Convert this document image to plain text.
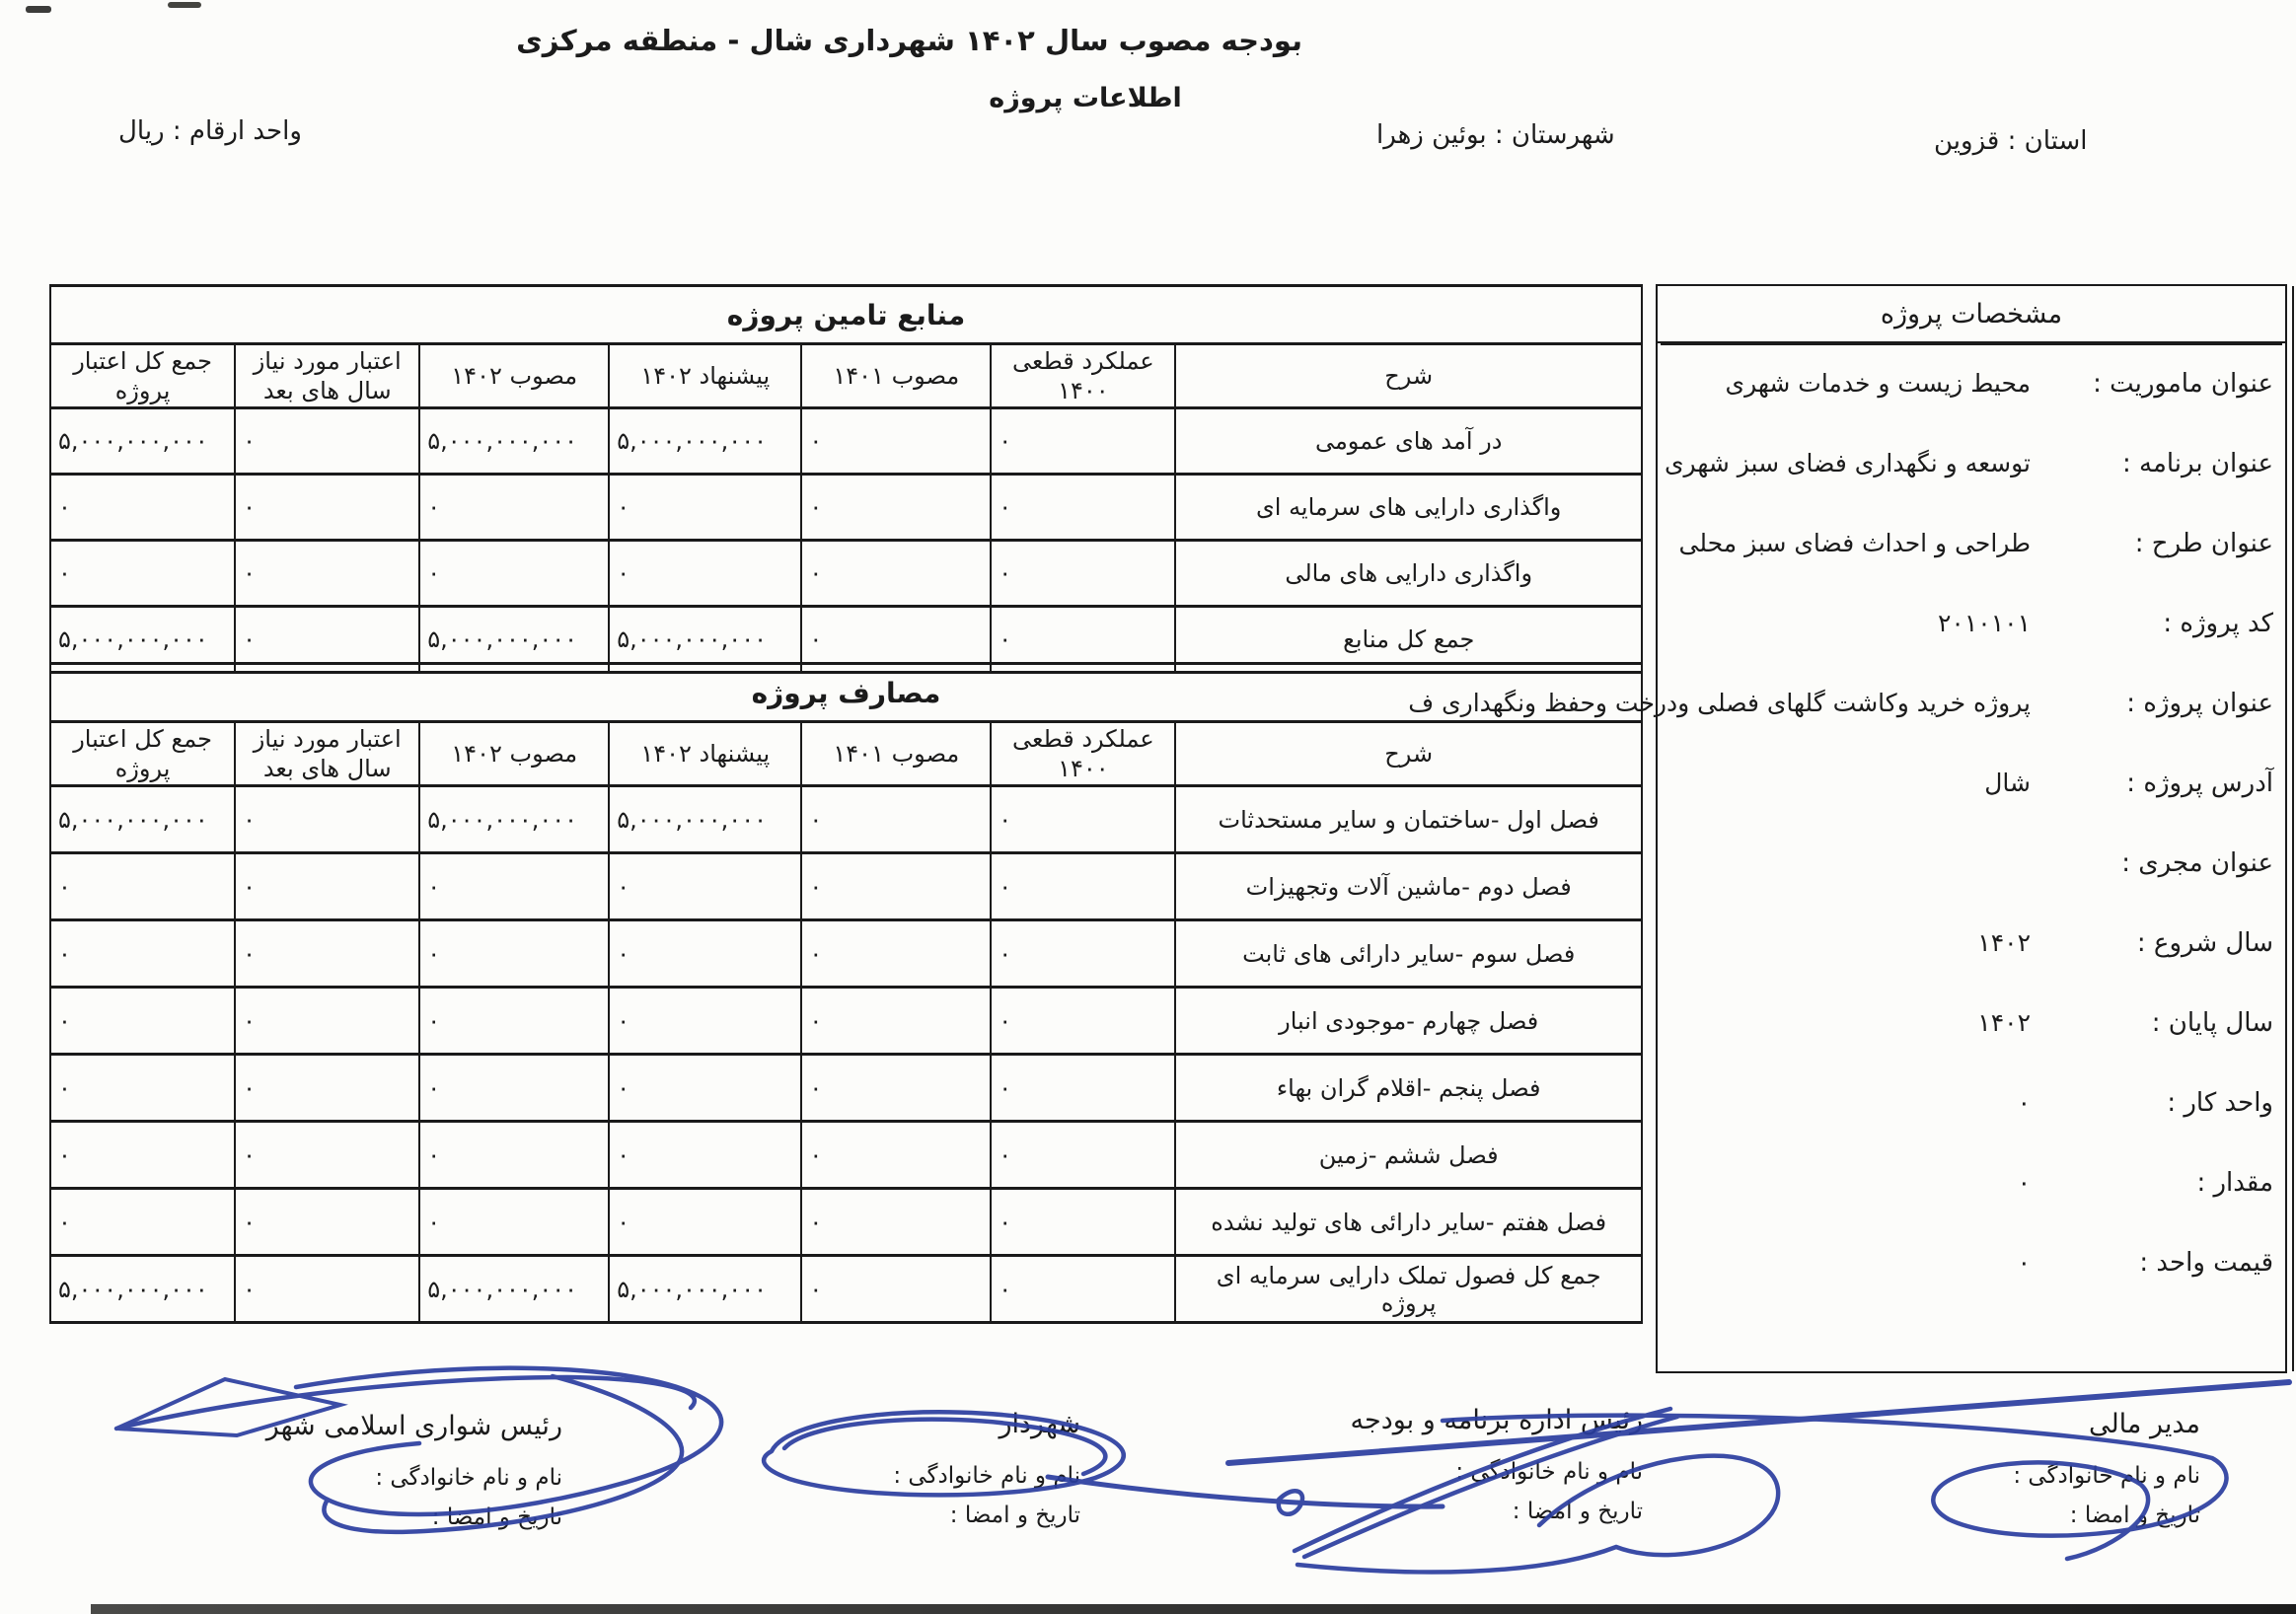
بودجه مصوب سال ۱۴۰۲ شهرداری شال - منطقه مرکزی
اطلاعات پروژه
واحد ارقام : ریال	استان : قزوین
شهرستان : بوئین زهرا
مشخصات پروژه
عنوان ماموریت :
محیط زیست و خدمات شهری
عنوان برنامه :
توسعه و نگهداری فضای سبز شهری
عنوان طرح :
طراحی و احداث فضای سبز محلی
کد پروژه :
۲۰۱۰۱۰۱
عنوان پروژه :
پروژه خرید وکاشت گلهای فصلی ودرخت وحفظ ونگهداری ف
آدرس پروژه :
شال
عنوان مجری :
سال شروع :
۱۴۰۲
سال پایان :
۱۴۰۲
واحد کار :
۰
مقدار :
۰
قیمت واحد :
۰
منابع تامین پروژه						
شرح	عملکرد قطعی ۱۴۰۰	مصوب ۱۴۰۱	پیشنهاد ۱۴۰۲	مصوب ۱۴۰۲	اعتبار مورد نیاز سال های بعد	جمع کل اعتبار پروژه
در آمد های عمومی	۰	۰	۵,۰۰۰,۰۰۰,۰۰۰	۵,۰۰۰,۰۰۰,۰۰۰	۰	۵,۰۰۰,۰۰۰,۰۰۰
واگذاری دارایی های سرمایه ای	۰	۰	۰	۰	۰	۰
واگذاری دارایی های مالی	۰	۰	۰	۰	۰	۰
جمع کل منابع	۰	۰	۵,۰۰۰,۰۰۰,۰۰۰	۵,۰۰۰,۰۰۰,۰۰۰	۰	۵,۰۰۰,۰۰۰,۰۰۰
مصارف پروژه						
شرح	عملکرد قطعی ۱۴۰۰	مصوب ۱۴۰۱	پیشنهاد ۱۴۰۲	مصوب ۱۴۰۲	اعتبار مورد نیاز سال های بعد	جمع کل اعتبار پروژه
فصل اول -ساختمان و سایر مستحدثات	۰	۰	۵,۰۰۰,۰۰۰,۰۰۰	۵,۰۰۰,۰۰۰,۰۰۰	۰	۵,۰۰۰,۰۰۰,۰۰۰
فصل دوم -ماشین آلات وتجهیزات	۰	۰	۰	۰	۰	۰
فصل سوم -سایر دارائی های ثابت	۰	۰	۰	۰	۰	۰
فصل چهارم -موجودی انبار	۰	۰	۰	۰	۰	۰
فصل پنجم -اقلام گران بهاء	۰	۰	۰	۰	۰	۰
فصل ششم -زمین	۰	۰	۰	۰	۰	۰
فصل هفتم -سایر دارائی های تولید نشده	۰	۰	۰	۰	۰	۰
جمع کل فصول تملک دارایی سرمایه ای پروژه	۰	۰	۵,۰۰۰,۰۰۰,۰۰۰	۵,۰۰۰,۰۰۰,۰۰۰	۰	۵,۰۰۰,۰۰۰,۰۰۰
مدیر مالی
نام و نام خانوادگی :
تاریخ و امضا :
رئیس اداره برنامه و بودجه
نام و نام خانوادگی :
تاریخ و امضا :
شهردار
نام و نام خانوادگی :
تاریخ و امضا :
رئیس شواری اسلامی شهر
نام و نام خانوادگی :
تاریخ و امضا :
